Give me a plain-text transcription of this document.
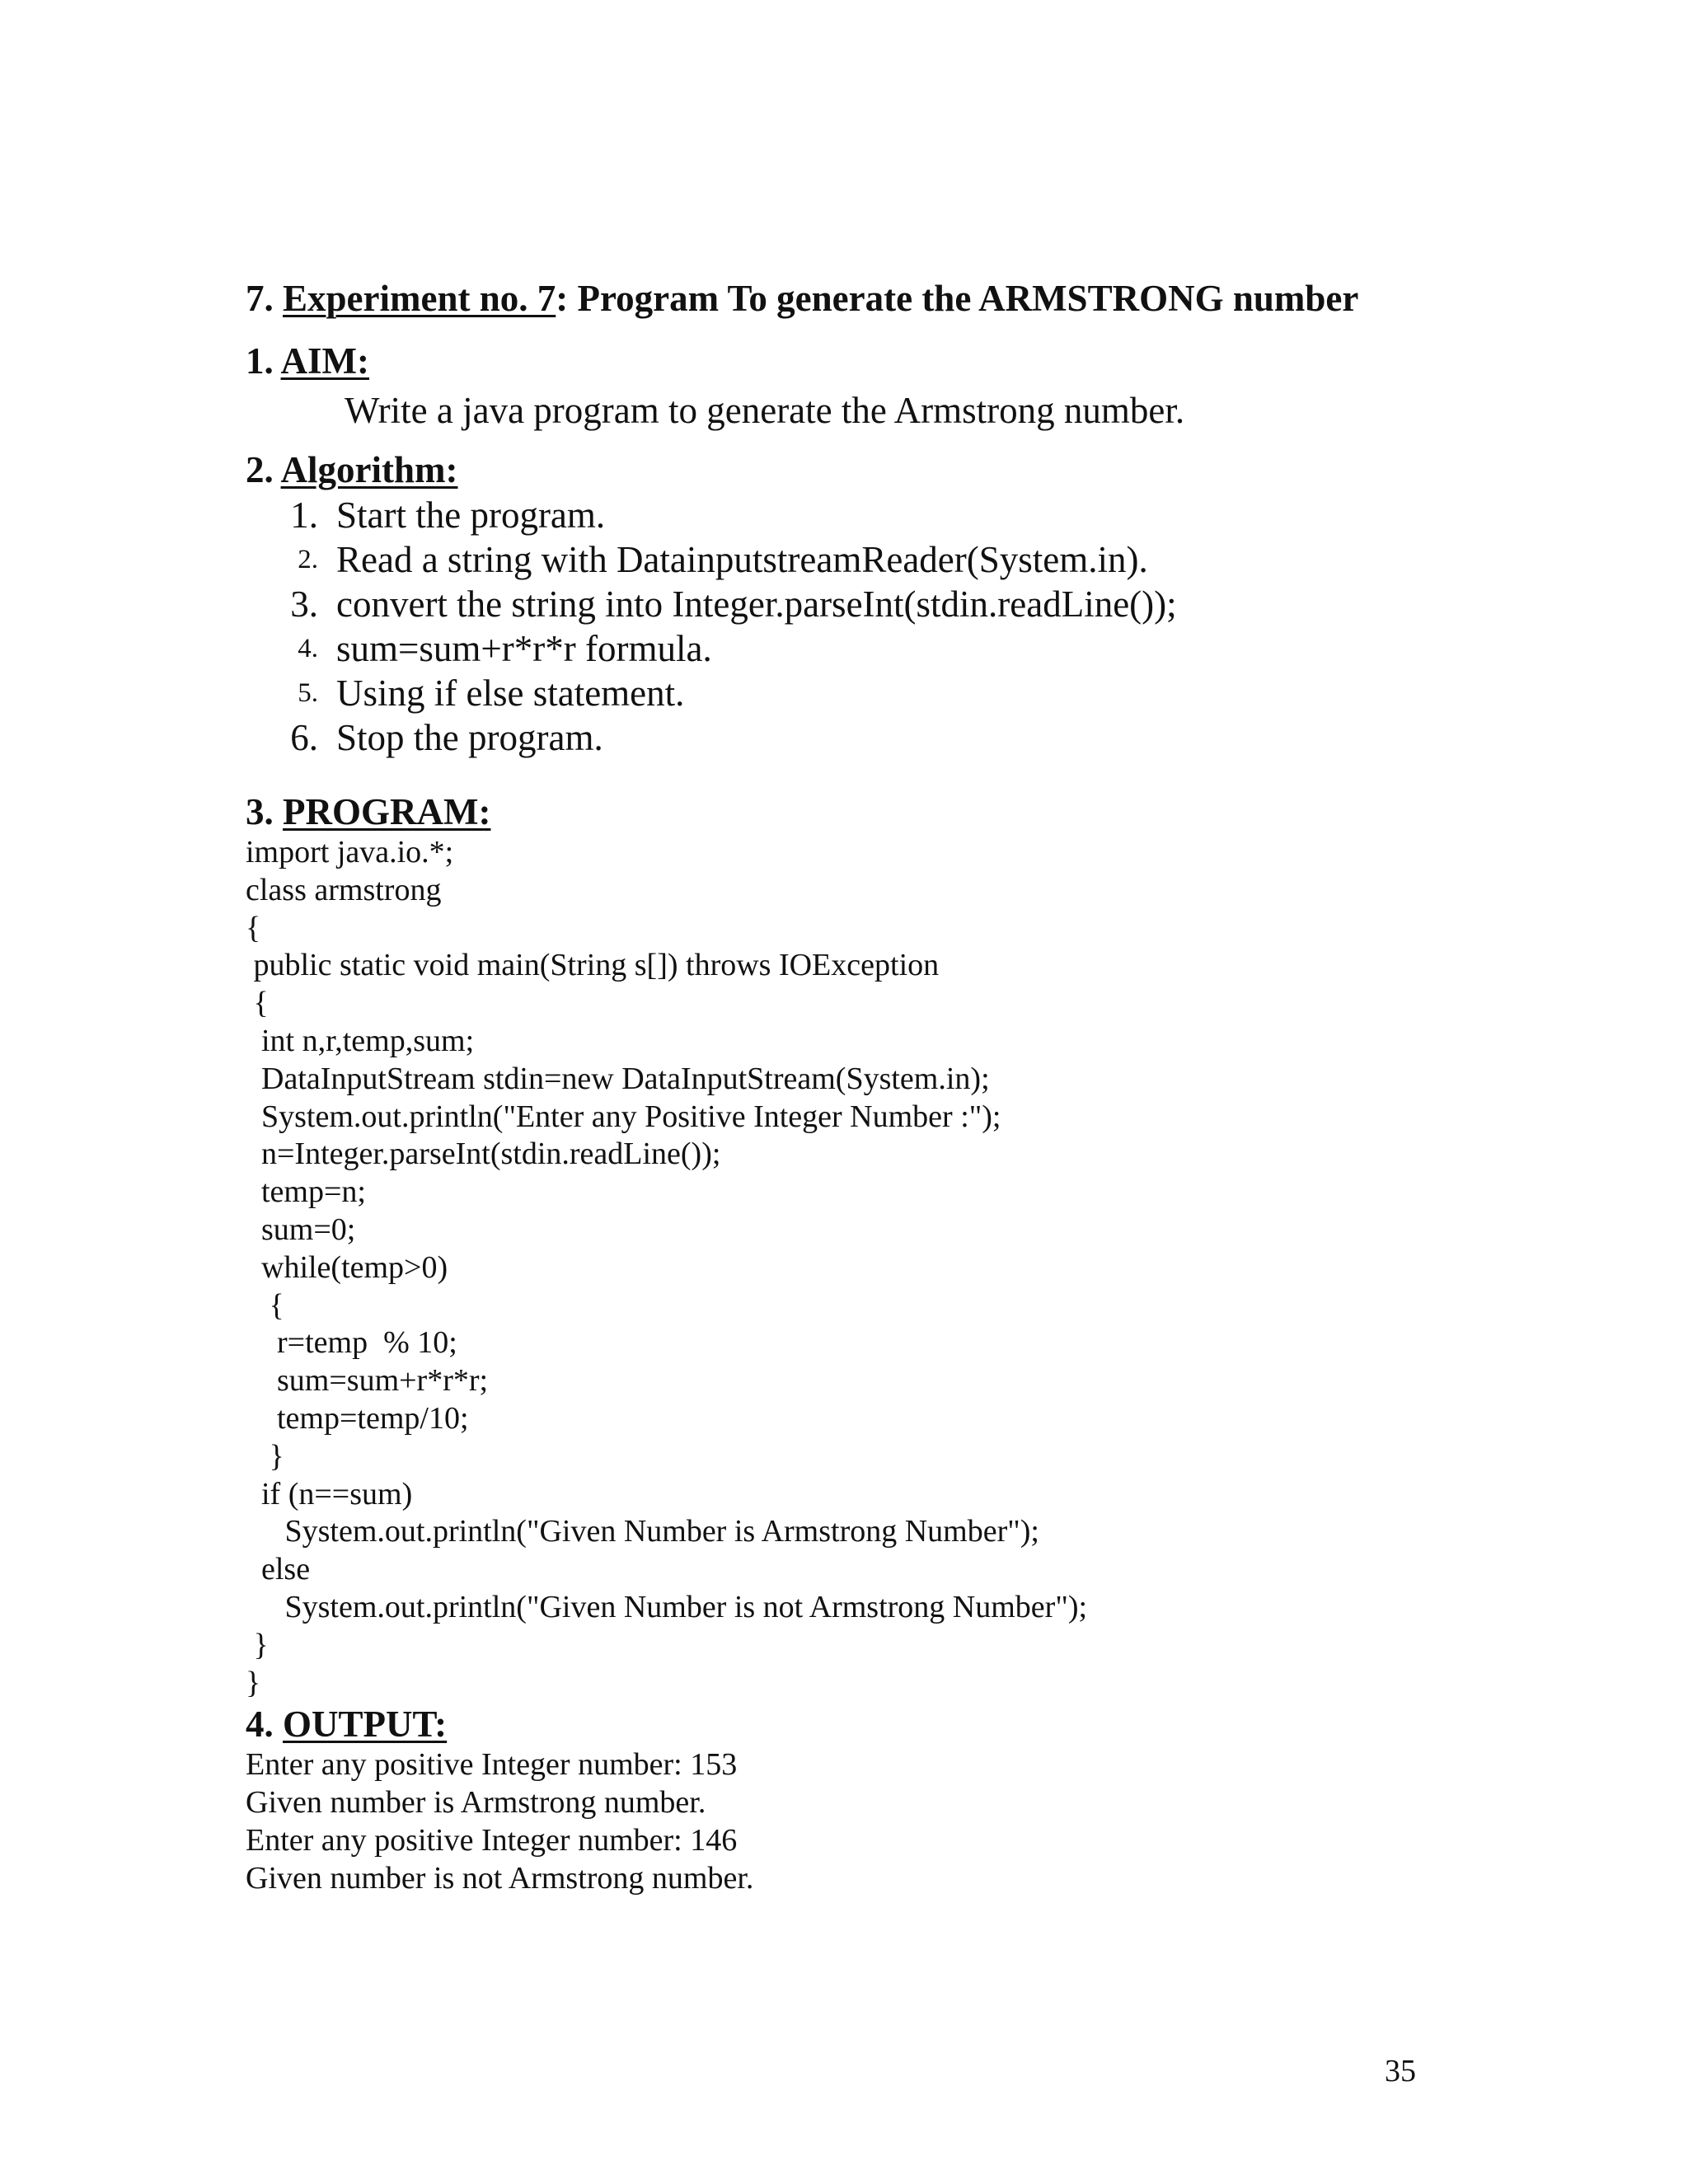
7. Experiment no. 7: Program To generate the ARMSTRONG number
1. AIM:

Write a java program to generate the Armstrong number.

2. Algorithm:
1. Start the program.
2. Read a string with DatainputstreamReader(System.in).
3. convert the string into Integer.parseInt(stdin.readLine());
4. sum=sum+r*r*r formula.
5. Using if else statement.
6. Stop the program.
3. PROGRAM:
import java.io.*;
class armstrong
{
public static void main(String s[]) throws IOException
{
int n,r,temp,sum;
DataInputStream stdin=new DataInputStream(System.in);
System.out.println("Enter any Positive Integer Number :");
n=Integer.parseInt(stdin.readLine());
temp=n;
sum=0;
while(temp>0)
{
r=temp  % 10;
sum=sum+r*r*r;
temp=temp/10;
}
if (n==sum)
System.out.println("Given Number is Armstrong Number");
else
System.out.println("Given Number is not Armstrong Number");
}
}
4. OUTPUT:
Enter any positive Integer number: 153
Given number is Armstrong number.
Enter any positive Integer number: 146
Given number is not Armstrong number.
35
